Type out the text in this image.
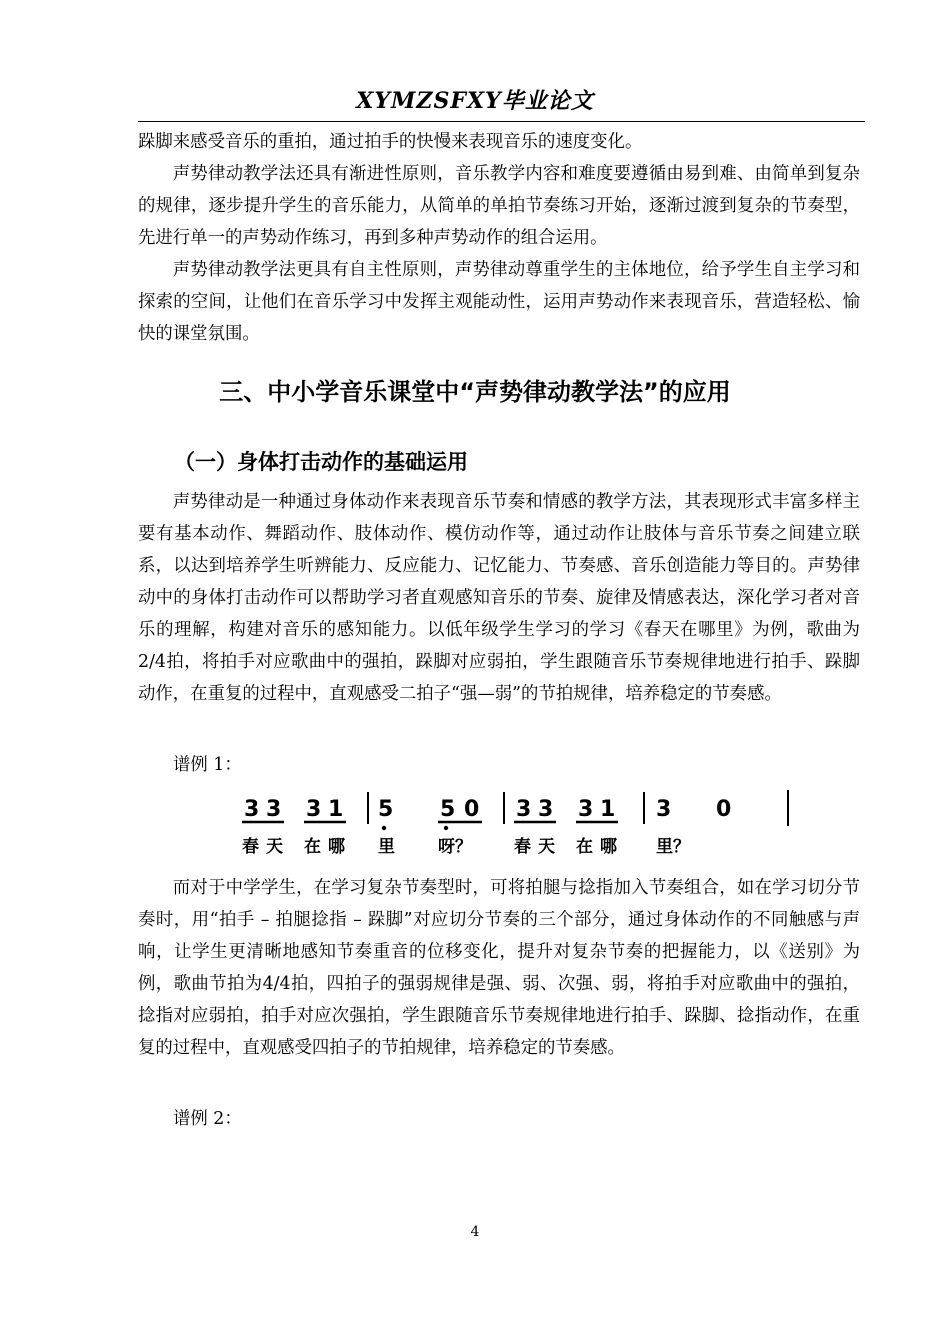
XYMZSFXY毕业论文
跺脚来感受音乐的重拍，通过拍手的快慢来表现音乐的速度变化。
声势律动教学法还具有渐进性原则，音乐教学内容和难度要遵循由易到难、由简单到复杂的规律，逐步提升学生的音乐能力，从简单的单拍节奏练习开始，逐渐过渡到复杂的节奏型，先进行单一的声势动作练习，再到多种声势动作的组合运用。
声势律动教学法更具有自主性原则，声势律动尊重学生的主体地位，给予学生自主学习和探索的空间，让他们在音乐学习中发挥主观能动性，运用声势动作来表现音乐，营造轻松、愉快的课堂氛围。
三、中小学音乐课堂中“声势律动教学法”的应用
（一）身体打击动作的基础运用
声势律动是一种通过身体动作来表现音乐节奏和情感的教学方法，其表现形式丰富多样主要有基本动作、舞蹈动作、肢体动作、模仿动作等，通过动作让肢体与音乐节奏之间建立联系，以达到培养学生听辨能力、反应能力、记忆能力、节奏感、音乐创造能力等目的。声势律动中的身体打击动作可以帮助学习者直观感知音乐的节奏、旋律及情感表达，深化学习者对音乐的理解，构建对音乐的感知能力。以低年级学生学习的学习《春天在哪里》为例，歌曲为2/4拍，将拍手对应歌曲中的强拍，跺脚对应弱拍，学生跟随音乐节奏规律地进行拍手、跺脚动作，在重复的过程中，直观感受二拍子“强—弱”的节拍规律，培养稳定的节奏感。
谱例 1：
3 3 3 1 5 5 0 3 3 3 1 3 0
春 天 在 哪 里	呀？ 春 天 在 哪 里？
而对于中学学生，在学习复杂节奏型时，可将拍腿与捻指加入节奏组合，如在学习切分节奏时，用“拍手 – 拍腿捻指 – 跺脚”对应切分节奏的三个部分，通过身体动作的不同触感与声响，让学生更清晰地感知节奏重音的位移变化，提升对复杂节奏的把握能力，以《送别》为例，歌曲节拍为4/4拍，四拍子的强弱规律是强、弱、次强、弱，将拍手对应歌曲中的强拍，捻指对应弱拍，拍手对应次强拍，学生跟随音乐节奏规律地进行拍手、跺脚、捻指动作，在重复的过程中，直观感受四拍子的节拍规律，培养稳定的节奏感。
谱例 2：
4
